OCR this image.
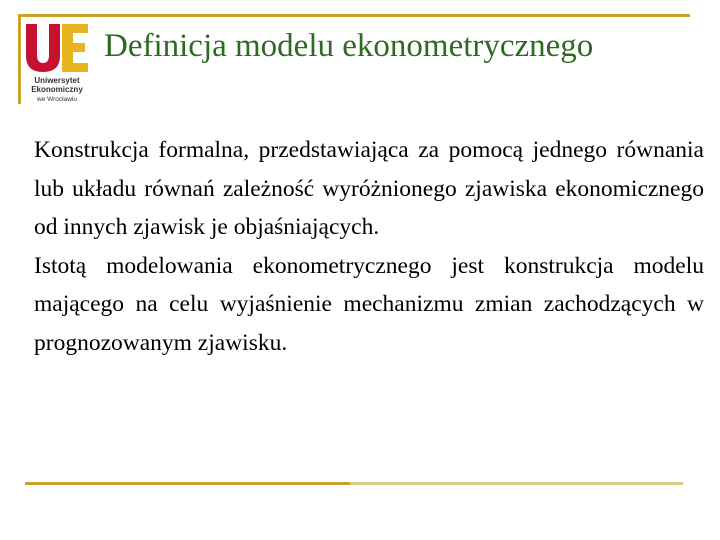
Uniwersytet
Ekonomiczny
we Wrocławiu
Definicja modelu ekonometrycznego

Konstrukcja formalna, przedstawiająca za pomocą jednego równania lub układu równań zależność wyróżnionego zjawiska ekonomicznego od innych zjawisk je objaśniających.

Istotą modelowania ekonometrycznego jest konstrukcja modelu mającego na celu wyjaśnienie mechanizmu zmian zachodzących w prognozowanym zjawisku.
